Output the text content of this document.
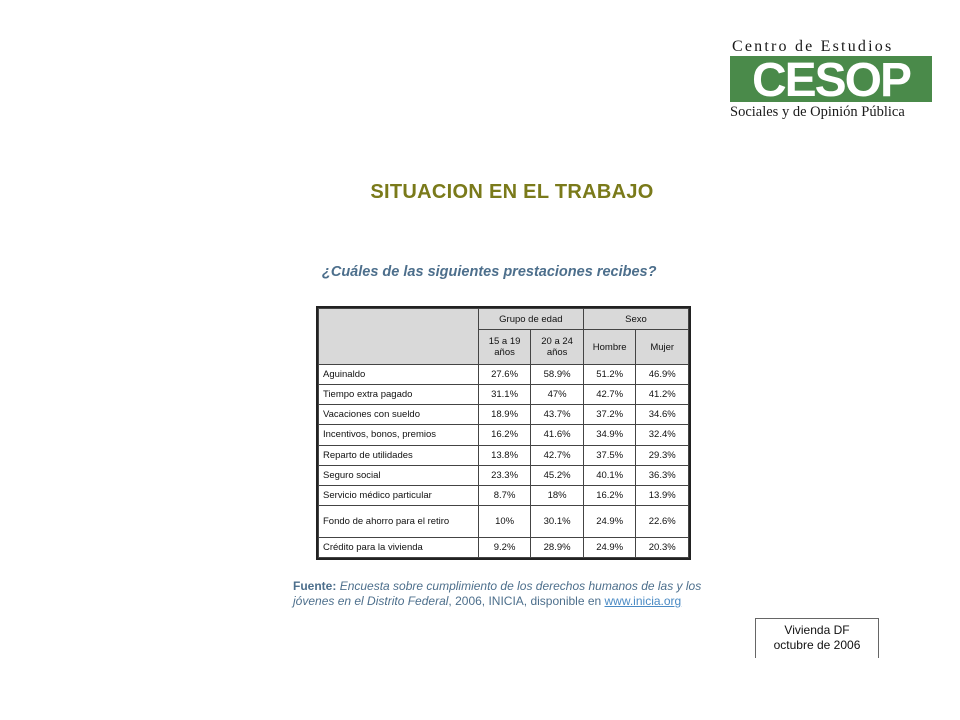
Centro de Estudios
CESOP
Sociales y de Opinión Pública
SITUACION EN EL TRABAJO
¿Cuáles de las siguientes prestaciones recibes?
	Grupo de edad		Sexo	
	15 a 19 años	20 a 24 años	Hombre	Mujer
Aguinaldo	27.6%	58.9%	51.2%	46.9%
Tiempo extra pagado	31.1%	47%	42.7%	41.2%
Vacaciones con sueldo	18.9%	43.7%	37.2%	34.6%
Incentivos, bonos, premios	16.2%	41.6%	34.9%	32.4%
Reparto de utilidades	13.8%	42.7%	37.5%	29.3%
Seguro social	23.3%	45.2%	40.1%	36.3%
Servicio médico particular	8.7%	18%	16.2%	13.9%
Fondo de ahorro para el retiro	10%	30.1%	24.9%	22.6%
Crédito para la vivienda	9.2%	28.9%	24.9%	20.3%
Fuente: Encuesta sobre cumplimiento de los derechos humanos de las y los jóvenes en el Distrito Federal, 2006, INICIA, disponible en www.inicia.org
Vivienda DF
octubre de 2006
